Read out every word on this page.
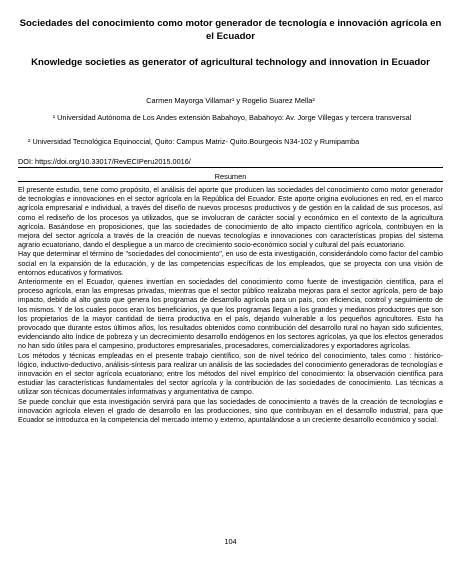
Sociedades del conocimiento como motor generador de tecnología e innovación agrícola en el Ecuador
Knowledge societies as generator of agricultural technology and innovation in Ecuador
Carmen Mayorga Villamar¹ y Rogelio Suarez Mella²
¹ Universidad Autónoma de Los Andes extensión Babahoyo, Babahoyo: Av. Jorge Villegas y tercera transversal
² Universidad Tecnológica Equinoccial, Quito: Campus Matriz- Quito.Bourgeois N34-102 y Rumipamba
DOI: https://doi.org/10.33017/RevECIPeru2015.0016/
Resumen

El presente estudio, tiene como propósito, el análisis del aporte que producen las sociedades del conocimiento como motor generador de tecnologías e innovaciones en el sector agrícola en la República del Ecuador. Este aporte origina evoluciones en red, en el marco agrícola empresarial e individual, a través del diseño de nuevos procesos productivos y de gestión en la calidad de sus procesos, así como el rediseño de los procesos ya utilizados, que se involucran de carácter social y económico en el contexto de la agricultura agrícola. Basándose en proposiciones, que las sociedades de conocimiento de alto impacto científico agrícola, contribuyen en la mejora del sector agrícola a través de la creación de nuevas tecnologías e innovaciones con características propias del sistema agrario ecuatoriano, dando el despliegue a un marco de crecimiento socio-económico social y cultural del país ecuatoriano.

Hay que determinar el término de "sociedades del conocimiento", en uso de esta investigación, considerándolo como factor del cambio social en la expansión de la educación, y de las competencias específicas de los empleados, que se proyecta con una visión de entornos educativos y formativos.

Anteriormente en el Ecuador, quienes invertían en sociedades del conocimiento como fuente de investigación científica, para el proceso agrícola, eran las empresas privadas, mientras que el sector público realizaba mejoras para el sector agrícola, pero de bajo impacto, debido al alto gasto que genera los programas de desarrollo agrícola para un país, con eficiencia, control y seguimiento de los mismos. Y de los cuales pocos eran los beneficiarios, ya que los programas llegan a los grandes y medianos productores que son los propietarios de la mayor cantidad de tierra productiva en el país, dejando vulnerable a los pequeños agricultores. Esto ha provocado que durante estos últimos años, los resultados obtenidos como contribución del desarrollo rural no hayan sido suficientes, evidenciando alto índice de pobreza y un decrecimiento desarrollo endógenos en los sectores agrícolas, ya que los efectos generados no han sido útiles para el campesino, productores empresariales, procesadores, comercializadores y exportadores agrícolas.

Los métodos y técnicas empleadas en el presente trabajo científico, son de nivel teórico del conocimiento, tales como : histórico-lógico, inductivo-deductivo, análisis-síntesis para realizar un análisis de las sociedades del conocimiento generadoras de tecnologías e innovación en el sector agrícola ecuatoriano; entre los métodos del nivel empírico del conocimiento: la observación científica para estudiar las características fundamentales del sector agrícola y la contribución de las sociedades de conocimiento. Las técnicas a utilizar son técnicas documentales informativas y argumentativa de campo.

Se puede concluir que esta investigación servirá para que las sociedades de conocimiento a través de la creación de tecnologías e innovación agrícola eleven el grado de desarrollo en las producciones, sino que contribuyan en el desarrollo industrial, para que Ecuador se introduzca en la competencia del mercado interno y externo, apuntalándose a un creciente desarrollo económico y social.

104
